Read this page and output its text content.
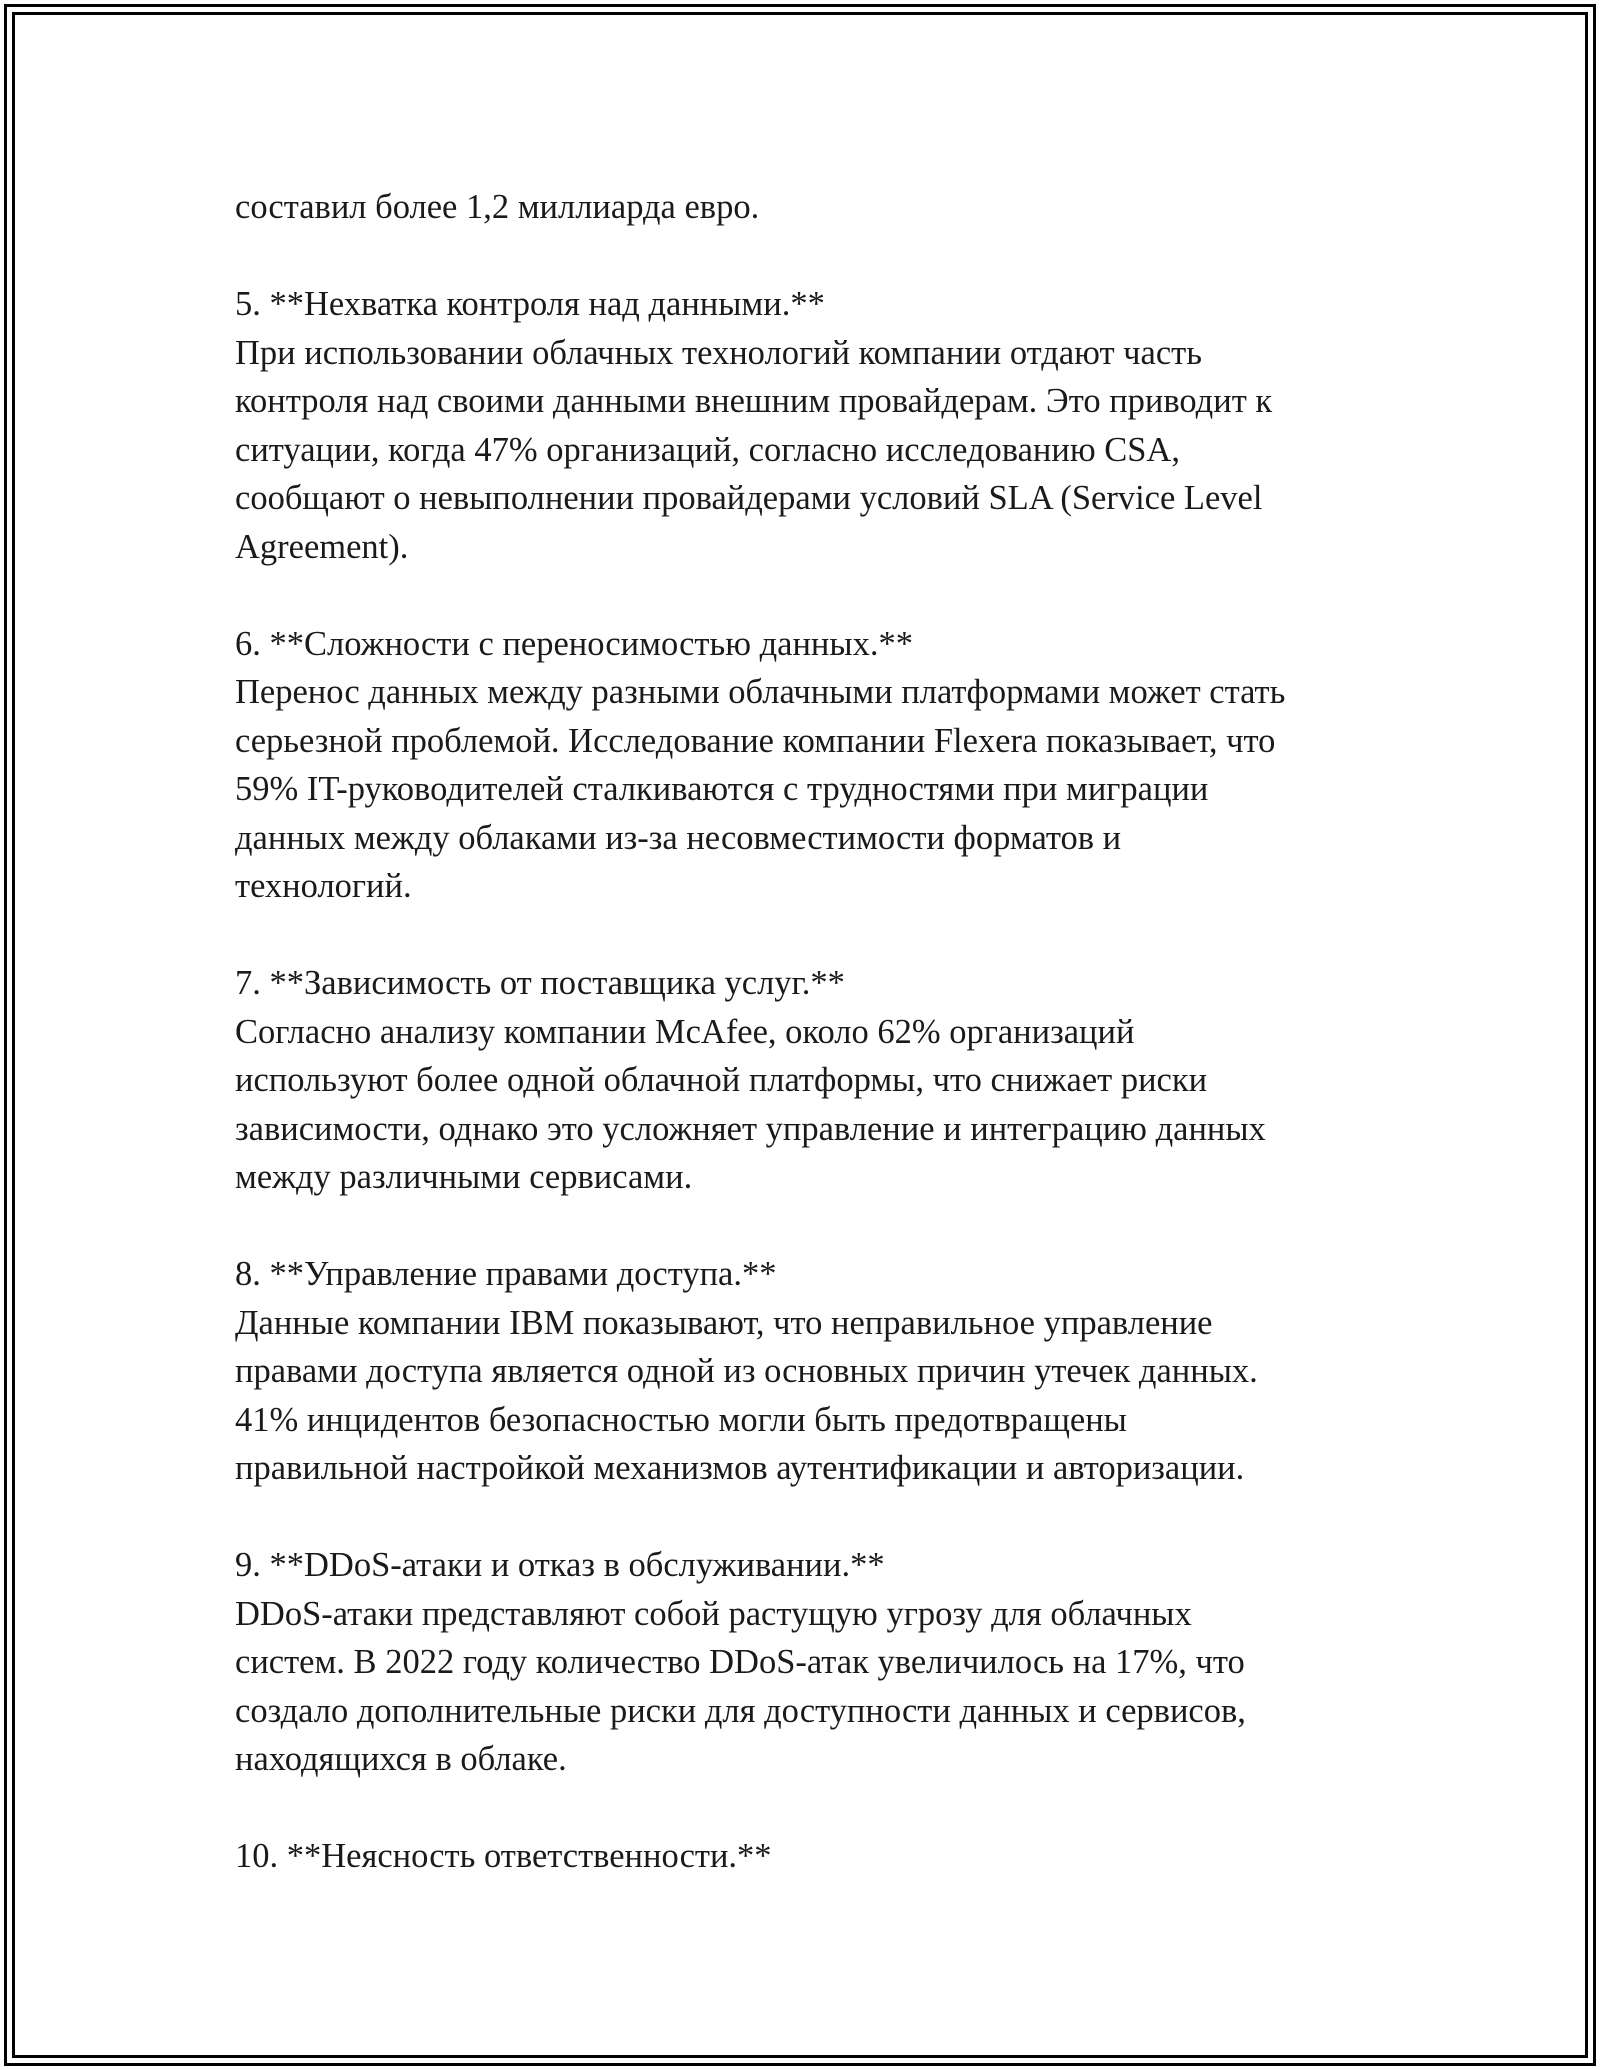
составил более 1,2 миллиарда евро.
5. **Нехватка контроля над данными.**
При использовании облачных технологий компании отдают часть
контроля над своими данными внешним провайдерам. Это приводит к
ситуации, когда 47% организаций, согласно исследованию CSA,
сообщают о невыполнении провайдерами условий SLA (Service Level
Agreement).
6. **Сложности с переносимостью данных.**
Перенос данных между разными облачными платформами может стать
серьезной проблемой. Исследование компании Flexera показывает, что
59% IT-руководителей сталкиваются с трудностями при миграции
данных между облаками из-за несовместимости форматов и
технологий.
7. **Зависимость от поставщика услуг.**
Согласно анализу компании McAfee, около 62% организаций
используют более одной облачной платформы, что снижает риски
зависимости, однако это усложняет управление и интеграцию данных
между различными сервисами.
8. **Управление правами доступа.**
Данные компании IBM показывают, что неправильное управление
правами доступа является одной из основных причин утечек данных.
41% инцидентов безопасностью могли быть предотвращены
правильной настройкой механизмов аутентификации и авторизации.
9. **DDoS-атаки и отказ в обслуживании.**
DDoS-атаки представляют собой растущую угрозу для облачных
систем. В 2022 году количество DDoS-атак увеличилось на 17%, что
создало дополнительные риски для доступности данных и сервисов,
находящихся в облаке.
10. **Неясность ответственности.**
